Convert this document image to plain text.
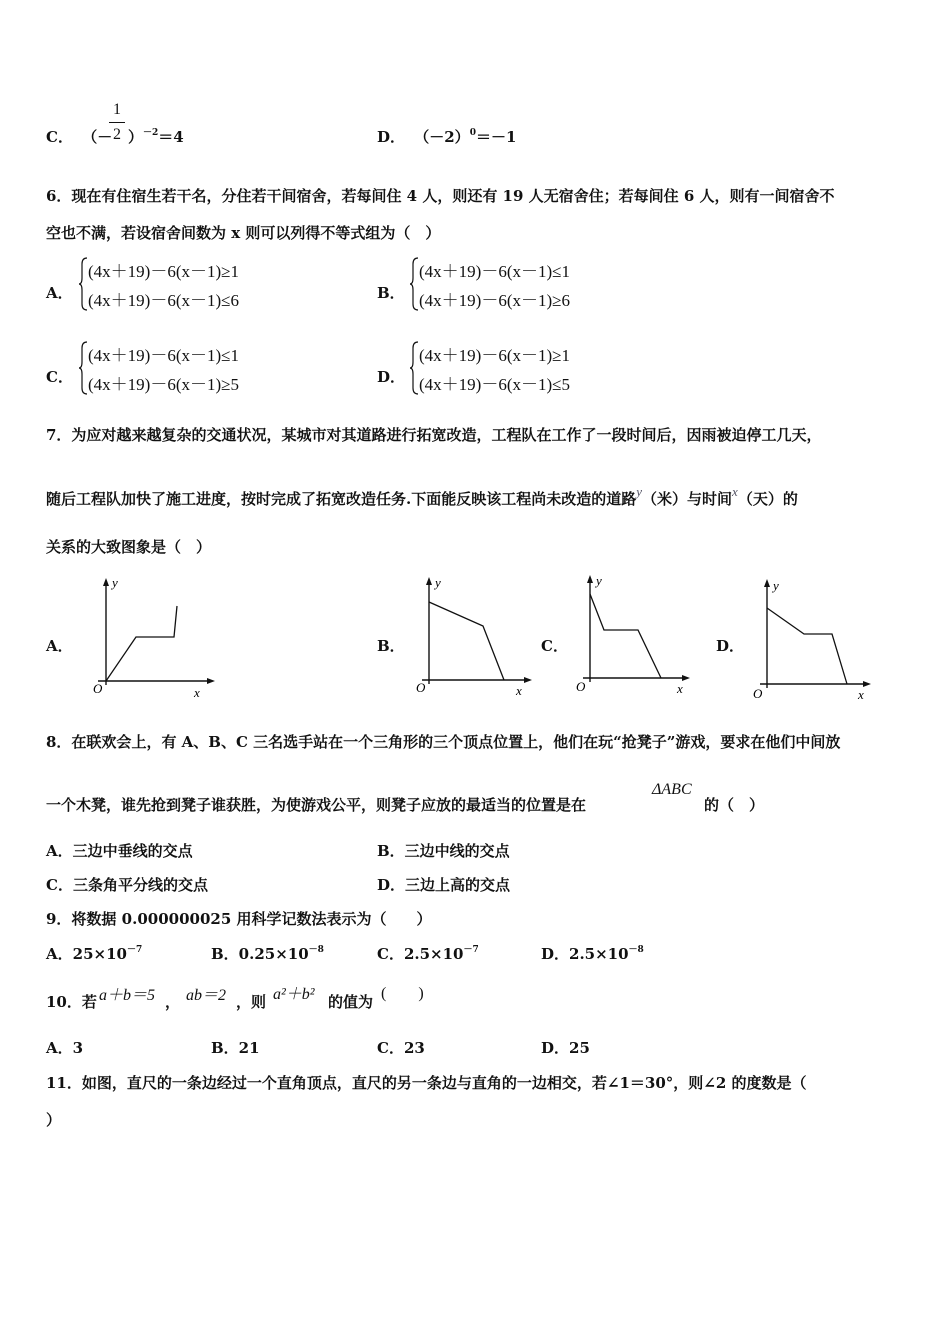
C． （－
1
2 ）$^{-2}$＝4	D． $(-2)^0=-1$
6．现在有住宿生若干名，分住若干间宿舍，若每间住 4 人，则还有 19 人无宿舍住；若每间住 6 人，则有一间宿舍不
空也不满，若设宿舍间数为 x 则可以列得不等式组为（　）
A．
(4x＋19)－6(x－1)≥1
(4x＋19)－6(x－1)≤6	B．
(4x＋19)－6(x－1)≤1
(4x＋19)－6(x－1)≥6
C．
(4x＋19)－6(x－1)≤1
(4x＋19)－6(x－1)≥5	D．
(4x＋19)－6(x－1)≥1
(4x＋19)－6(x－1)≤5
7．为应对越来越复杂的交通状况，某城市对其道路进行拓宽改造，工程队在工作了一段时间后，因雨被迫停工几天，
随后工程队加快了施工进度，按时完成了拓宽改造任务.下面能反映该工程尚未改造的道路y（米）与时间x（天）的
关系的大致图象是（　）
A．
y
x
O
B．
y
x
O
C．
y
x
O
D．
y
x
O
8．在联欢会上，有 A、B、C 三名选手站在一个三角形的三个顶点位置上，他们在玩“抢凳子”游戏，要求在他们中间放
一个木凳，谁先抢到凳子谁获胜，为使游戏公平，则凳子应放的最适当的位置是在
ΔABC
的（　）
A．三边中垂线的交点	B．三边中线的交点
C．三条角平分线的交点	D．三边上高的交点
9．将数据 0.000000025 用科学记数法表示为（　　）
A．$25\times 10^{-7}$	B．$0.25\times 10^{-8}$	C．$2.5\times 10^{-7}$	D．$2.5\times 10^{-8}$
10．若 a＋b＝5 ， ab＝2 ，则 a²＋b² 的值为 (　　)
A．3	B．21	C．23	D．25
11．如图，直尺的一条边经过一个直角顶点，直尺的另一条边与直角的一边相交，若∠1＝30°，则∠2 的度数是（
）
